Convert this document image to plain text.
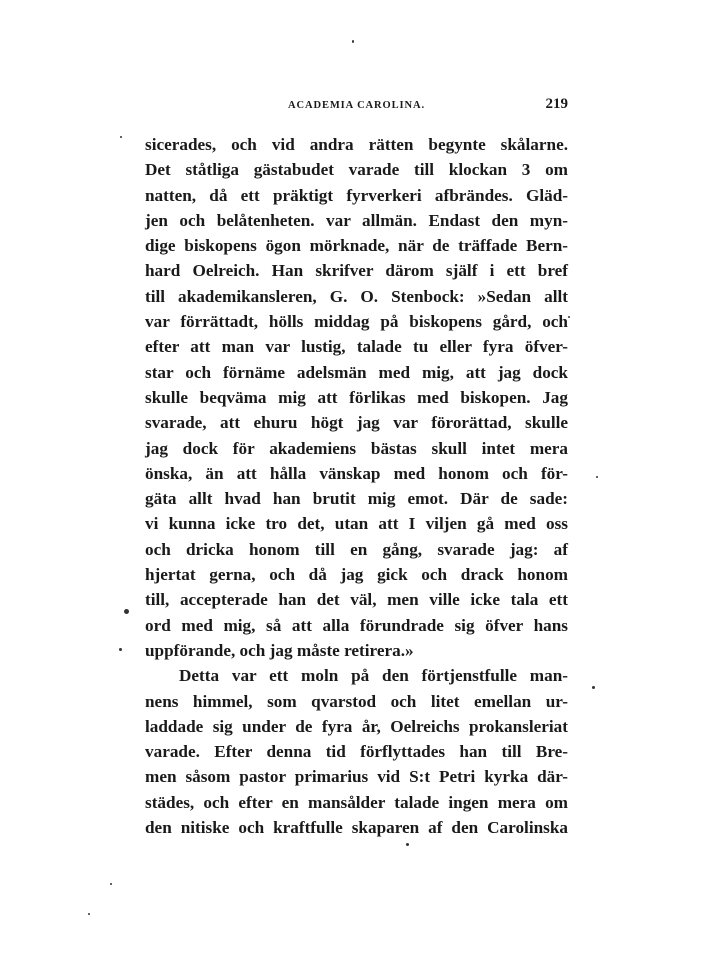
ACADEMIA CAROLINA.	219
sicerades, och vid andra rätten begynte skålarne.
Det ståtliga gästabudet varade till klockan 3 om
natten, då ett präktigt fyrverkeri afbrändes. Gläd-
jen och belåtenheten. var allmän. Endast den myn-
dige biskopens ögon mörknade, när de träffade Bern-
hard Oelreich. Han skrifver därom själf i ett bref
till akademikansleren, G. O. Stenbock: »Sedan allt
var förrättadt, hölls middag på biskopens gård, och
efter att man var lustig, talade tu eller fyra öfver-
star och förnäme adelsmän med mig, att jag dock
skulle beqväma mig att förlikas med biskopen. Jag
svarade, att ehuru högt jag var förorättad, skulle
jag dock för akademiens bästas skull intet mera
önska, än att hålla vänskap med honom och för-
gäta allt hvad han brutit mig emot. Där de sade:
vi kunna icke tro det, utan att I viljen gå med oss
och dricka honom till en gång, svarade jag: af
hjertat gerna, och då jag gick och drack honom
till, accepterade han det väl, men ville icke tala ett
ord med mig, så att alla förundrade sig öfver hans
uppförande, och jag måste retirera.»
Detta var ett moln på den förtjenstfulle man-
nens himmel, som qvarstod och litet emellan ur-
laddade sig under de fyra år, Oelreichs prokansleriat
varade. Efter denna tid förflyttades han till Bre-
men såsom pastor primarius vid S:t Petri kyrka där-
städes, och efter en mansålder talade ingen mera om
den nitiske och kraftfulle skaparen af den Carolinska
